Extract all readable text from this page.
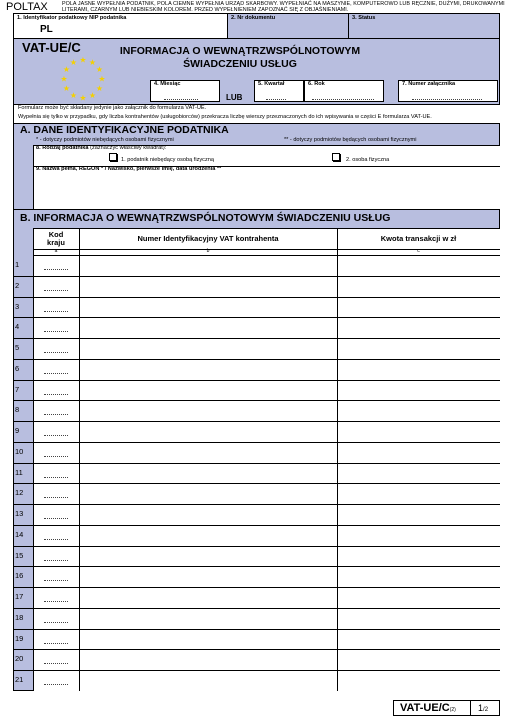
POLTAX	POLA JASNE WYPEŁNIA PODATNIK, POLA CIEMNE WYPEŁNIA URZĄD SKARBOWY. WYPEŁNIAĆ NA MASZYNIE, KOMPUTEROWO LUB RĘCZNIE, DUŻYMI, DRUKOWANYMI LITERAMI, CZARNYM LUB NIEBIESKIM KOLOREM. PRZED WYPEŁNIENIEM ZAPOZNAĆ SIĘ Z OBJAŚNIENIAMI.
1. Identyfikator podatkowy NIP podatnika
PL
2. Nr dokumentu	3. Status
VAT-UE/C
★ ★
★
★
★
★
★
★
★
★
★
★
INFORMACJA O WEWNĄTRZWSPÓLNOTOWYM
ŚWIADCZENIU USŁUG
4. Miesiąc
LUB
5. Kwartał	6. Rok	7. Numer załącznika
Formularz może być składany jedynie jako załącznik do formularza VAT-UE.
Wypełnia się tylko w przypadku, gdy liczba kontrahentów (usługobiorców) przekracza liczbę wierszy przeznaczonych do ich wpisywania w części E formularza VAT-UE.
A. DANE IDENTYFIKACYJNE PODATNIKA
* - dotyczy podmiotów niebędących osobami fizycznymi	** - dotyczy podmiotów będących osobami fizycznymi
8. Rodzaj podatnika (zaznaczyć właściwy kwadrat):
1. podatnik niebędący osobą fizyczną	2. osoba fizyczna
9. Nazwa pełna, REGON * / Nazwisko, pierwsze imię, data urodzenia **
B. INFORMACJA O WEWNĄTRZWSPÓLNOTOWYM ŚWIADCZENIU USŁUG
Kod
kraju	Numer Identyfikacyjny VAT kontrahenta	Kwota transakcji w zł
a	b	c
1
2
3
4
5
6
7
8
9
10
11
12
13
14
15
16
17
18
19
20
21
VAT-UE/C(2) 1/2
